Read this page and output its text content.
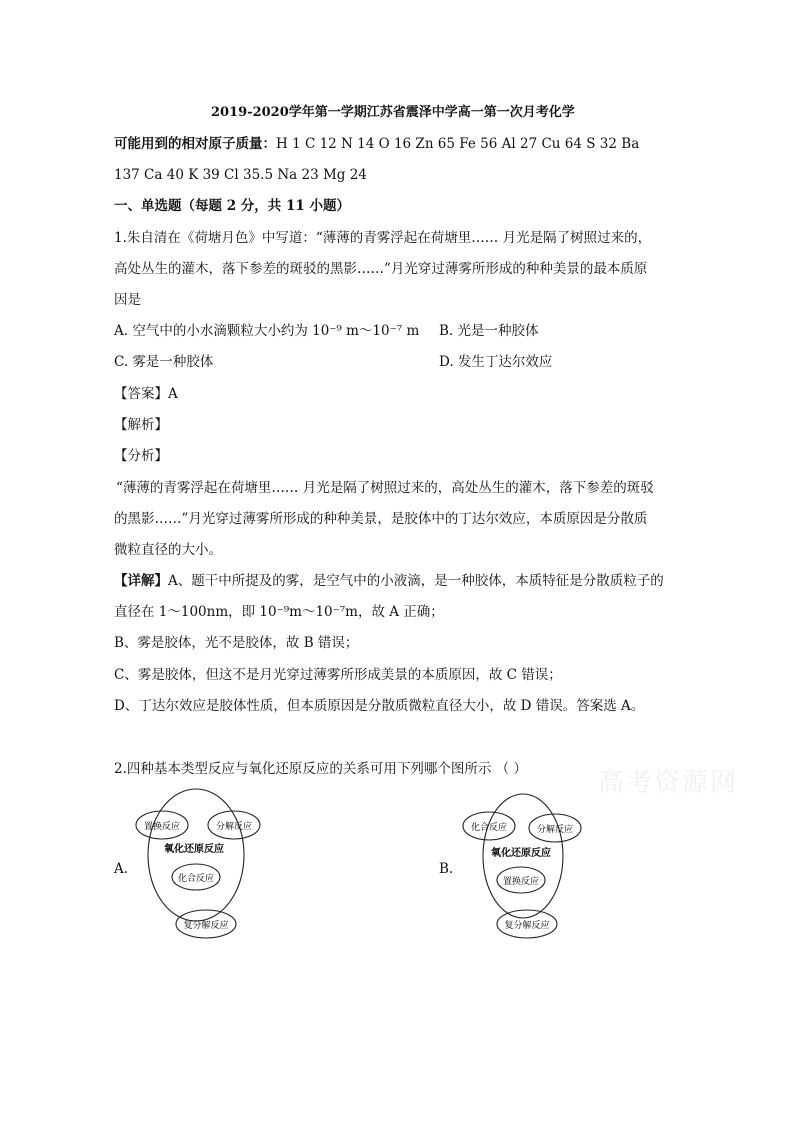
2019-2020学年第一学期江苏省震泽中学高一第一次月考化学
可能用到的相对原子质量：H 1 C 12 N 14 O 16 Zn 65 Fe 56 Al 27 Cu 64 S 32 Ba
137 Ca 40 K 39 Cl 35.5 Na 23 Mg 24
一、单选题（每题 2 分，共 11 小题）
1.朱自清在《荷塘月色》中写道：“薄薄的青雾浮起在荷塘里…… 月光是隔了树照过来的，
高处丛生的灌木，落下参差的斑驳的黑影……”月光穿过薄雾所形成的种种美景的最本质原
因是
A. 空气中的小水滴颗粒大小约为 10⁻⁹ m～10⁻⁷ m B. 光是一种胶体
C. 雾是一种胶体	D. 发生丁达尔效应
【答案】A
【解析】
【分析】
“薄薄的青雾浮起在荷塘里…… 月光是隔了树照过来的，高处丛生的灌木，落下参差的斑驳
的黑影……”月光穿过薄雾所形成的种种美景，是胶体中的丁达尔效应，本质原因是分散质
微粒直径的大小。
【详解】A、题干中所提及的雾，是空气中的小液滴，是一种胶体，本质特征是分散质粒子的
直径在 1～100nm，即 10⁻⁹m～10⁻⁷m，故 A 正确；
B、雾是胶体，光不是胶体，故 B 错误；
C、雾是胶体，但这不是月光穿过薄雾所形成美景的本质原因，故 C 错误；
D、丁达尔效应是胶体性质，但本质原因是分散质微粒直径大小，故 D 错误。答案选 A。
2.四种基本类型反应与氧化还原反应的关系可用下列哪个图所示 （ ）	高考资源网
A.	B.
置换反应	分解反应
氧化还原反应
化合反应
复分解反应
化合反应	分解反应
氧化还原反应
置换反应
复分解反应
